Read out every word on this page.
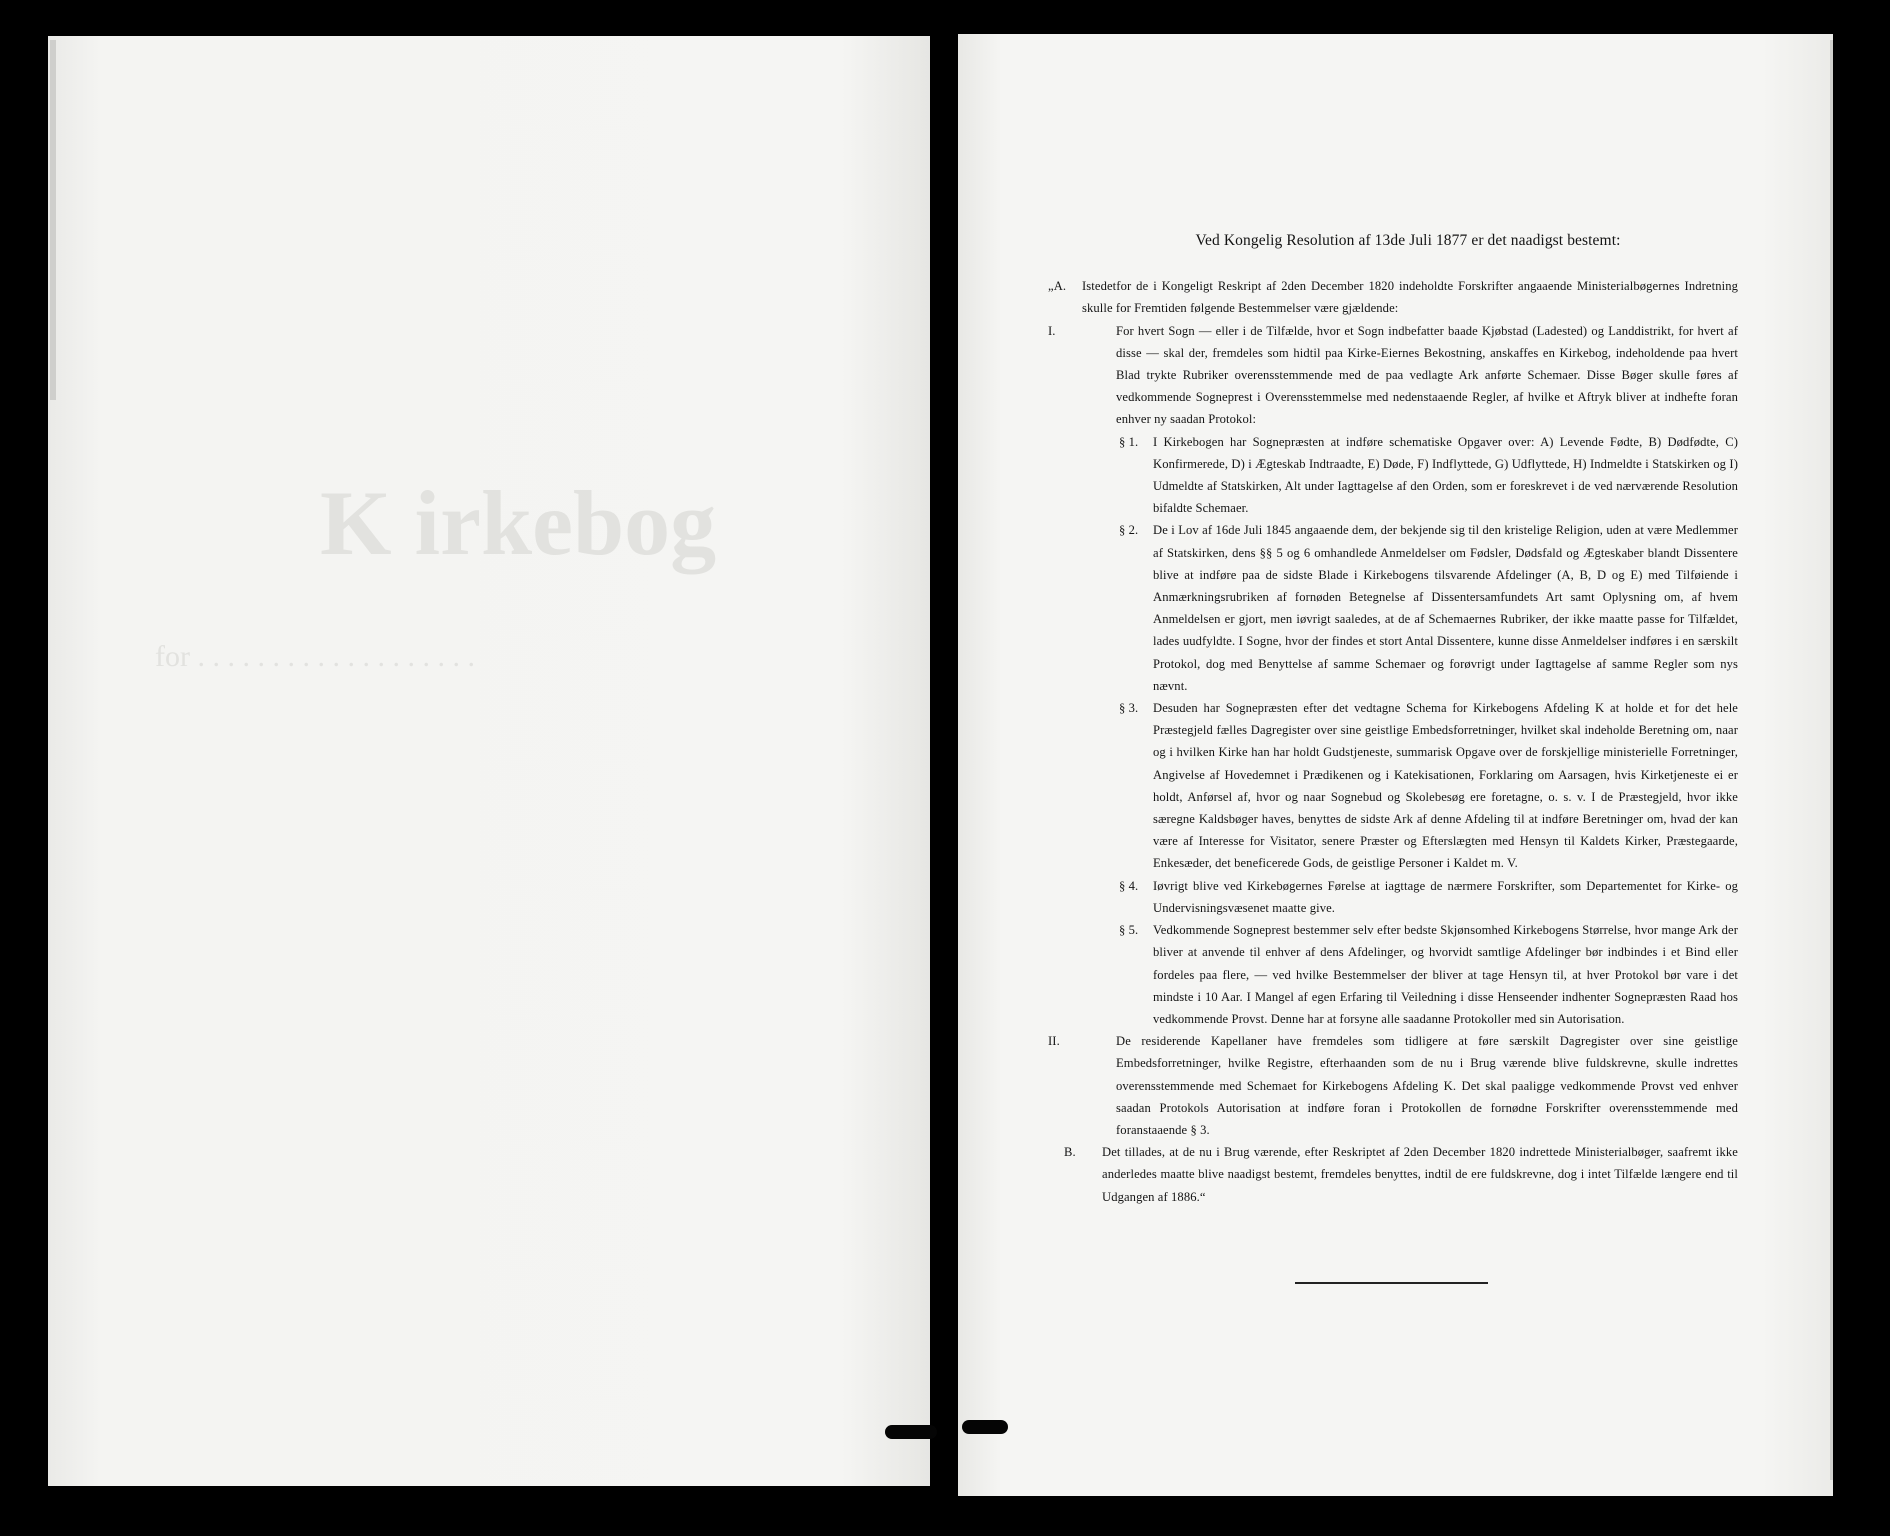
K irkebog
for . . . . . . . . . . . . . . . . . . .
Ved Kongelig Resolution af 13de Juli 1877 er det naadigst bestemt:
„A. Istedetfor de i Kongeligt Reskript af 2den December 1820 indeholdte Forskrifter angaaende Ministerialbøgernes Indretning skulle for Fremtiden følgende Bestemmelser være gjældende:
I.	For hvert Sogn — eller i de Tilfælde, hvor et Sogn indbefatter baade Kjøbstad (Ladested) og Landdistrikt, for hvert af disse — skal der, fremdeles som hidtil paa Kirke-Eiernes Bekostning, anskaffes en Kirkebog, indeholdende paa hvert Blad trykte Rubriker overensstemmende med de paa vedlagte Ark anførte Schemaer. Disse Bøger skulle føres af vedkommende Sogneprest i Overensstemmelse med nedenstaaende Regler, af hvilke et Aftryk bliver at indhefte foran enhver ny saadan Protokol:
§ 1. I Kirkebogen har Sognepræsten at indføre schematiske Opgaver over: A) Levende Fødte, B) Dødfødte, C) Konfirmerede, D) i Ægteskab Indtraadte, E) Døde, F) Indflyttede, G) Udflyttede, H) Indmeldte i Statskirken og I) Udmeldte af Statskirken, Alt under Iagttagelse af den Orden, som er foreskrevet i de ved nærværende Resolution bifaldte Schemaer.
§ 2. De i Lov af 16de Juli 1845 angaaende dem, der bekjende sig til den kristelige Religion, uden at være Medlemmer af Statskirken, dens §§ 5 og 6 omhandlede Anmeldelser om Fødsler, Dødsfald og Ægteskaber blandt Dissentere blive at indføre paa de sidste Blade i Kirkebogens tilsvarende Afdelinger (A, B, D og E) med Tilføiende i Anmærkningsrubriken af fornøden Betegnelse af Dissentersamfundets Art samt Oplysning om, af hvem Anmeldelsen er gjort, men iøvrigt saaledes, at de af Schemaernes Rubriker, der ikke maatte passe for Tilfældet, lades uudfyldte. I Sogne, hvor der findes et stort Antal Dissentere, kunne disse Anmeldelser indføres i en særskilt Protokol, dog med Benyttelse af samme Schemaer og forøvrigt under Iagttagelse af samme Regler som nys nævnt.
§ 3. Desuden har Sognepræsten efter det vedtagne Schema for Kirkebogens Afdeling K at holde et for det hele Præstegjeld fælles Dagregister over sine geistlige Embedsforretninger, hvilket skal indeholde Beretning om, naar og i hvilken Kirke han har holdt Gudstjeneste, summarisk Opgave over de forskjellige ministerielle Forretninger, Angivelse af Hovedemnet i Prædikenen og i Katekisationen, Forklaring om Aarsagen, hvis Kirketjeneste ei er holdt, Anførsel af, hvor og naar Sognebud og Skolebesøg ere foretagne, o. s. v. I de Præstegjeld, hvor ikke særegne Kaldsbøger haves, benyttes de sidste Ark af denne Afdeling til at indføre Beretninger om, hvad der kan være af Interesse for Visitator, senere Præster og Efterslægten med Hensyn til Kaldets Kirker, Præstegaarde, Enkesæder, det beneficerede Gods, de geistlige Personer i Kaldet m. V.
§ 4. Iøvrigt blive ved Kirkebøgernes Førelse at iagttage de nærmere Forskrifter, som Departementet for Kirke- og Undervisningsvæsenet maatte give.
§ 5. Vedkommende Sogneprest bestemmer selv efter bedste Skjønsomhed Kirkebogens Størrelse, hvor mange Ark der bliver at anvende til enhver af dens Afdelinger, og hvorvidt samtlige Afdelinger bør indbindes i et Bind eller fordeles paa flere, — ved hvilke Bestemmelser der bliver at tage Hensyn til, at hver Protokol bør vare i det mindste i 10 Aar. I Mangel af egen Erfaring til Veiledning i disse Henseender indhenter Sognepræsten Raad hos vedkommende Provst. Denne har at forsyne alle saadanne Protokoller med sin Autorisation.
II.	De residerende Kapellaner have fremdeles som tidligere at føre særskilt Dagregister over sine geistlige Embedsforretninger, hvilke Registre, efterhaanden som de nu i Brug værende blive fuldskrevne, skulle indrettes overensstemmende med Schemaet for Kirkebogens Afdeling K. Det skal paaligge vedkommende Provst ved enhver saadan Protokols Autorisation at indføre foran i Protokollen de fornødne Forskrifter overensstemmende med foranstaaende § 3.
B. Det tillades, at de nu i Brug værende, efter Reskriptet af 2den December 1820 indrettede Ministerialbøger, saafremt ikke anderledes maatte blive naadigst bestemt, fremdeles benyttes, indtil de ere fuldskrevne, dog i intet Tilfælde længere end til Udgangen af 1886.“
